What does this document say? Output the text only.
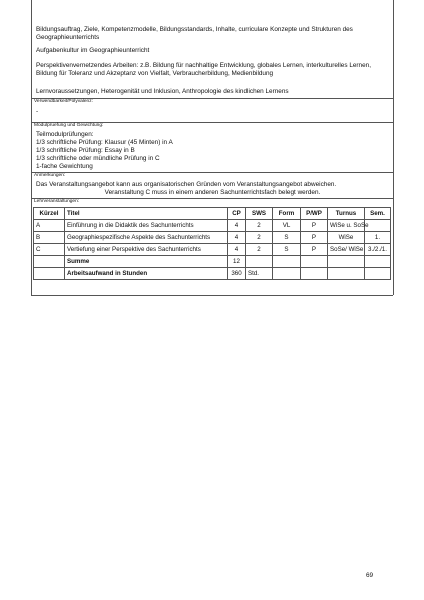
Bildungsauftrag, Ziele, Kompetenzmodelle, Bildungsstandards, Inhalte, curriculare Konzepte und Strukturen des Geographieunterrichts
Aufgabenkultur im Geographieunterricht
Perspektivenvernetzendes Arbeiten: z.B. Bildung für nachhaltige Entwicklung, globales Lernen, interkulturelles Lernen, Bildung für Toleranz und Akzeptanz von Vielfalt, Verbraucherbildung, Medienbildung
Lernvoraussetzungen, Heterogenität und Inklusion, Anthropologie des kindlichen Lernens
Verwendbarkeit/Polyvalenz:
-
Modulpruefung und Gewichtung:
Teilmodulprüfungen:
1/3 schriftliche Prüfung: Klausur (45 Minten) in A
1/3 schriftliche Prüfung: Essay in B
1/3 schriftliche oder mündliche Prüfung in C
1-fache Gewichtung
Anmerkungen:
Das Veranstaltungsangebot kann aus organisatorischen Gründen vom Veranstaltungsangebot abweichen.
Veranstaltung C muss in einem anderen Sachunterrichtsfach belegt werden.
Lehrveranstaltungen:
Kürzel	Titel	CP	SWS	Form	P/WP	Turnus	Sem.
A	Einführung in die Didaktik des Sachunterrichts	4	2	VL	P	WiSe u. SoSe	
B	Geographiespezifische Aspekte des Sachunterrichts	4	2	S	P	WiSe	1.
C	Vertiefung einer Perspektive des Sachunterrichts	4	2	S	P	SoSe/ WiSe	3./2./1.
	Summe	12					
	Arbeitsaufwand in Stunden	360	Std.				
69
